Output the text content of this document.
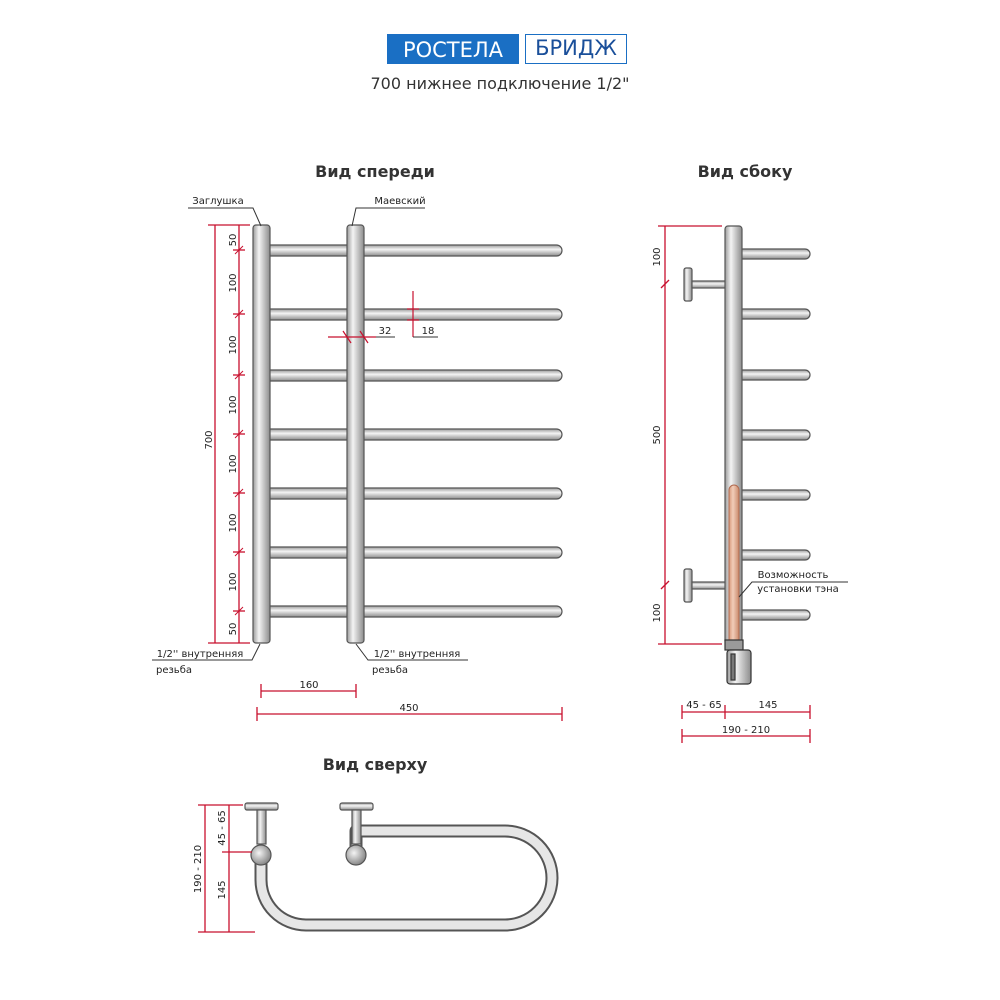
РОСТЕЛА	БРИДЖ
700 нижнее подключение 1/2"
Вид спереди
Заглушка	Маевский
50
100
100
100
100
100
100
50
700
32	18
1/2'' внутренняя
резьба
1/2'' внутренняя
резьба
160
450
Вид сбоку
Возможность
установки тэна
100
500
100
45 - 65	145
190 - 210
Вид сверху
190 - 210
45 - 65
145
